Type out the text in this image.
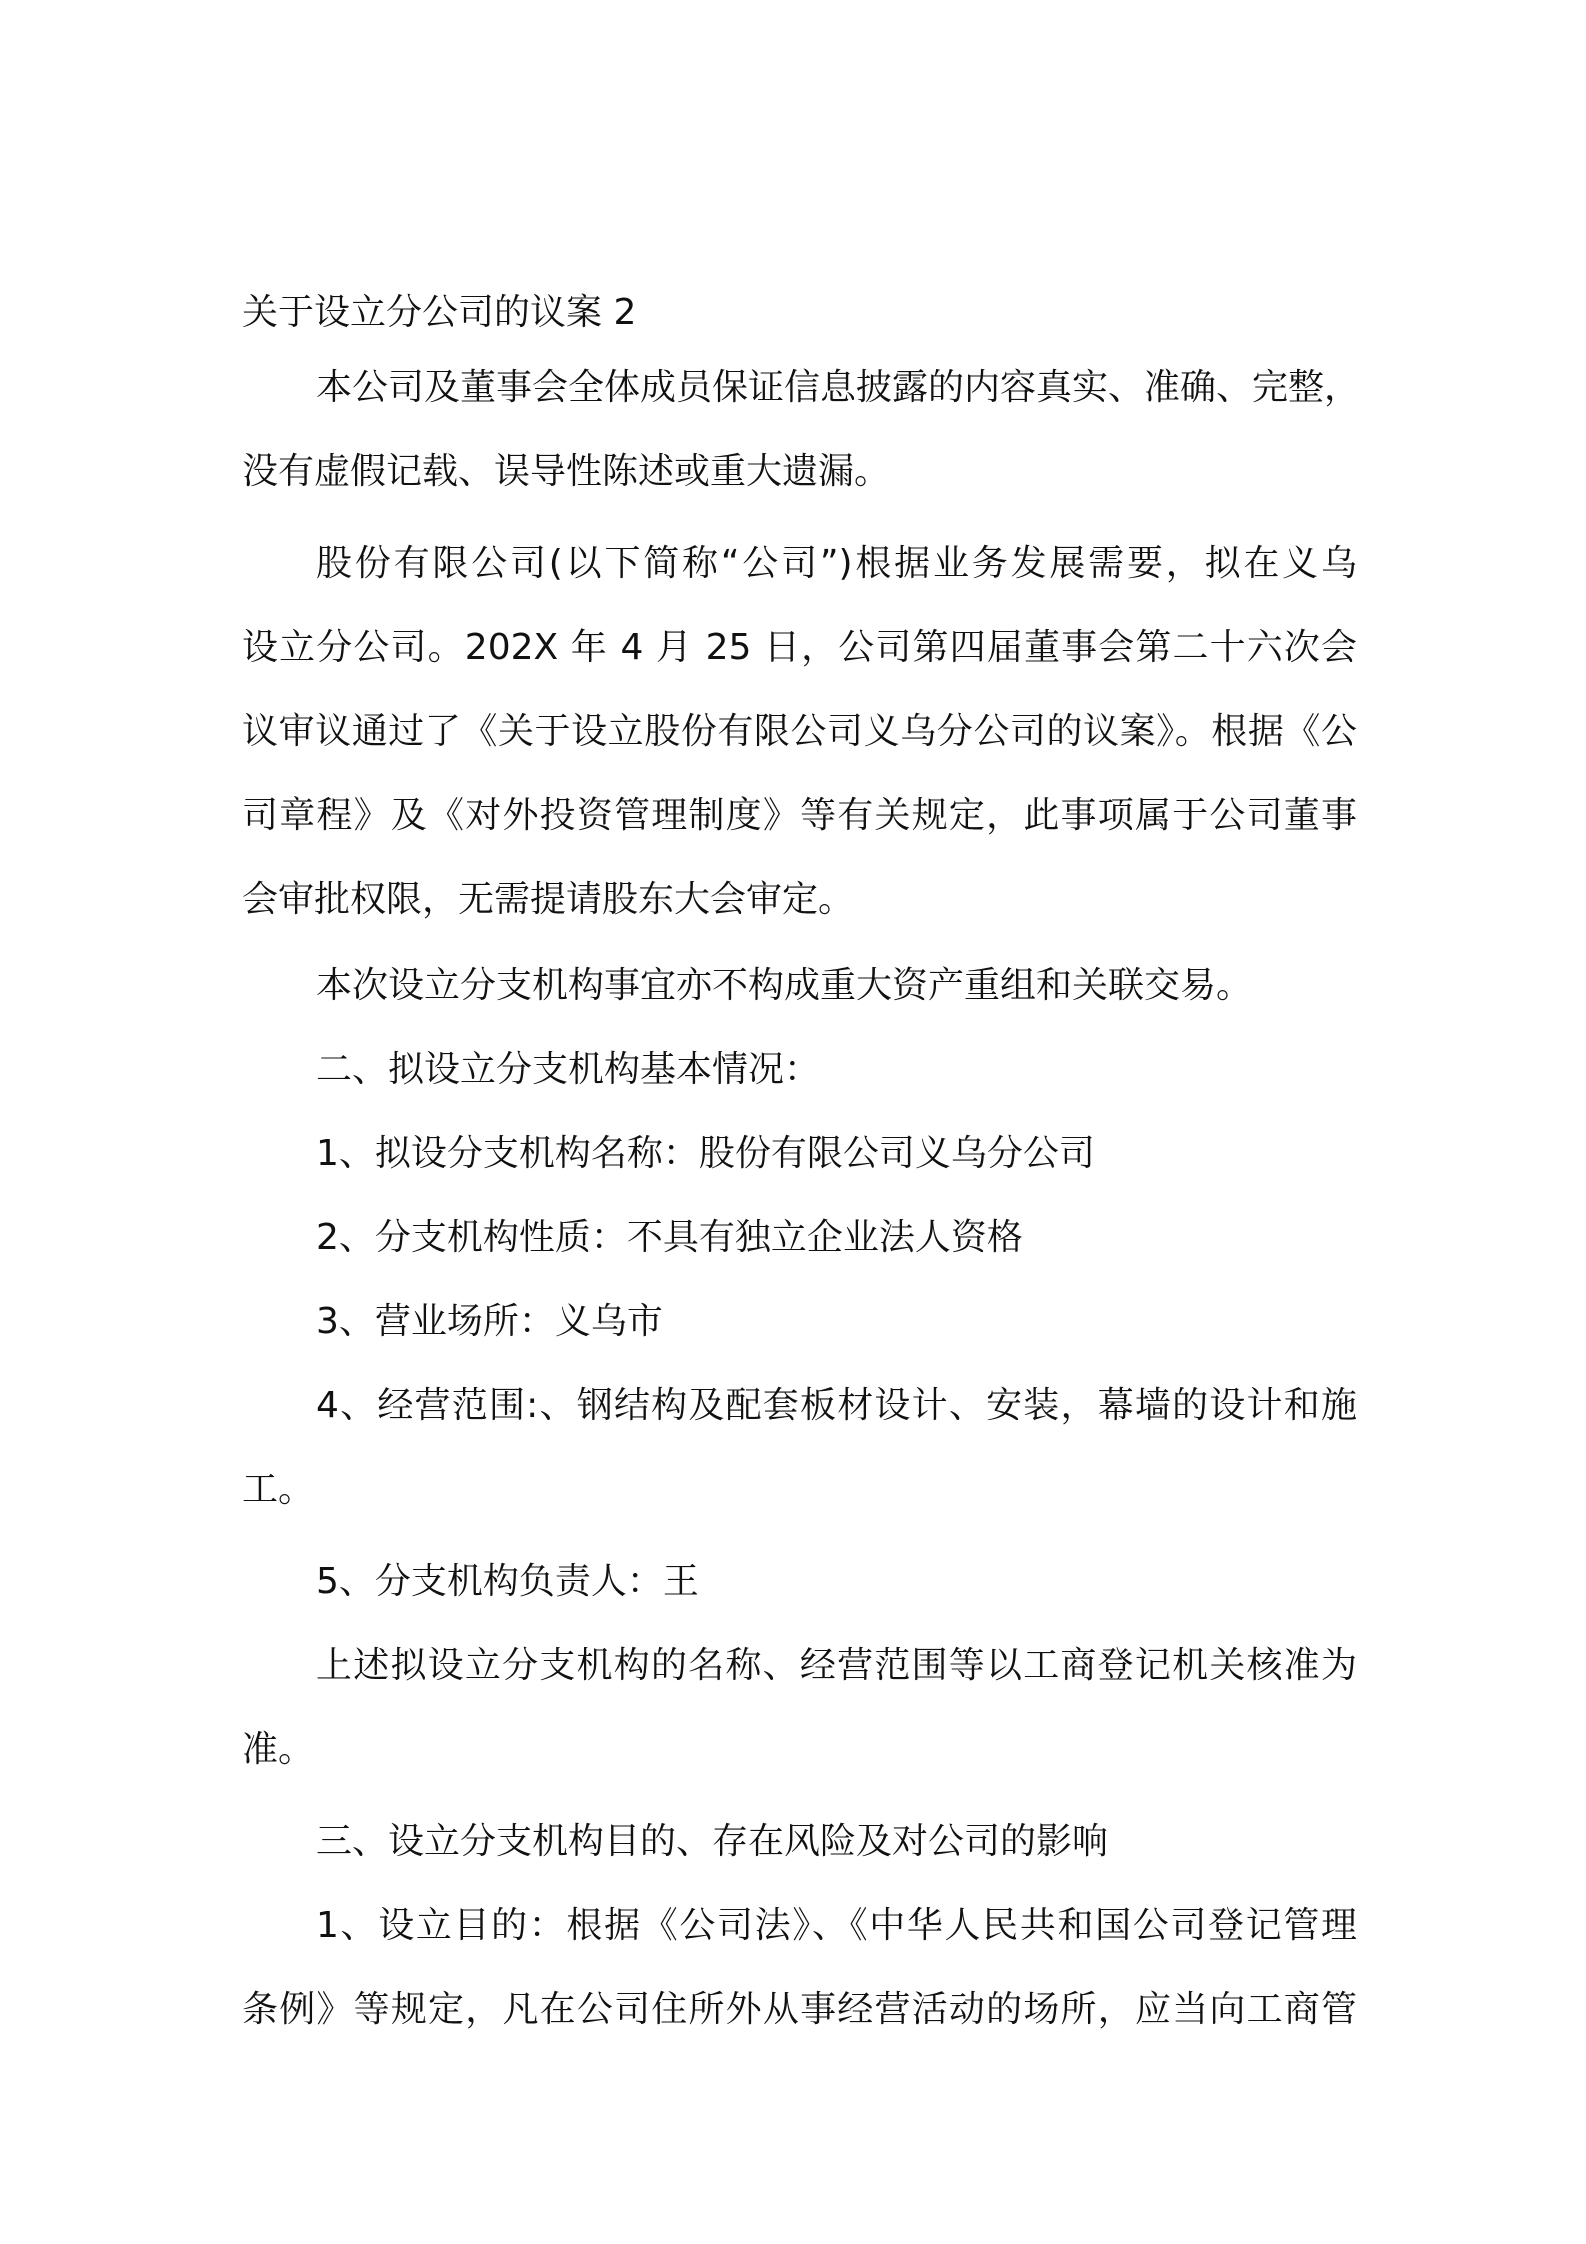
关于设立分公司的议案 2

本公司及董事会全体成员保证信息披露的内容真实、准确、完整，
没有虚假记载、误导性陈述或重大遗漏。

股份有限公司(以下简称“公司”)根据业务发展需要，拟在义乌
设立分公司。202X 年 4 月 25 日，公司第四届董事会第二十六次会
议审议通过了《关于设立股份有限公司义乌分公司的议案》。根据《公
司章程》及《对外投资管理制度》等有关规定，此事项属于公司董事
会审批权限，无需提请股东大会审定。

本次设立分支机构事宜亦不构成重大资产重组和关联交易。

二、拟设立分支机构基本情况：

1、拟设分支机构名称：股份有限公司义乌分公司

2、分支机构性质：不具有独立企业法人资格

3、营业场所：义乌市

4、经营范围:、钢结构及配套板材设计、安装，幕墙的设计和施
工。

5、分支机构负责人：王

上述拟设立分支机构的名称、经营范围等以工商登记机关核准为
准。

三、设立分支机构目的、存在风险及对公司的影响

1、设立目的：根据《公司法》、《中华人民共和国公司登记管理
条例》等规定，凡在公司住所外从事经营活动的场所，应当向工商管
